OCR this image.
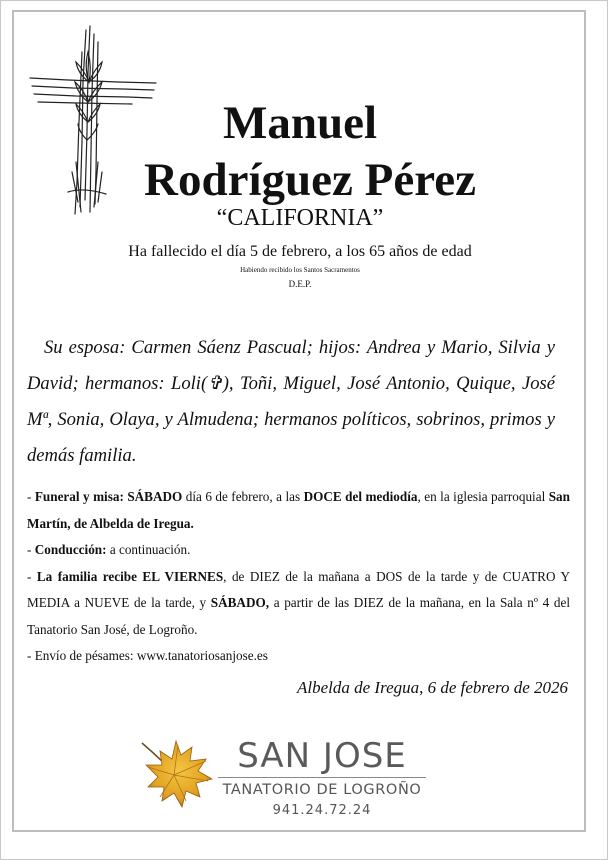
Manuel
Rodríguez Pérez
“CALIFORNIA”
Ha fallecido el día 5 de febrero, a los 65 años de edad
Habiendo recibido los Santos Sacramentos
D.E.P.
Su esposa: Carmen Sáenz Pascual; hijos: Andrea y Mario, Silvia y David; hermanos: Loli(✞), Toñi, Miguel, José Antonio, Quique, José Mª, Sonia, Olaya, y Almudena; hermanos políticos, sobrinos, primos y demás familia.

- Funeral y misa: SÁBADO día 6 de febrero, a las DOCE del mediodía, en la iglesia parroquial San Martín, de Albelda de Iregua.

- Conducción: a continuación.

- La familia recibe EL VIERNES, de DIEZ de la mañana a DOS de la tarde y de CUATRO Y MEDIA a NUEVE de la tarde, y SÁBADO, a partir de las DIEZ de la mañana, en la Sala nº 4 del Tanatorio San José, de Logroño.

- Envío de pésames: www.tanatoriosanjose.es

Albelda de Iregua, 6 de febrero de 2026
SAN JOSE
TANATORIO DE LOGROÑO
941.24.72.24
